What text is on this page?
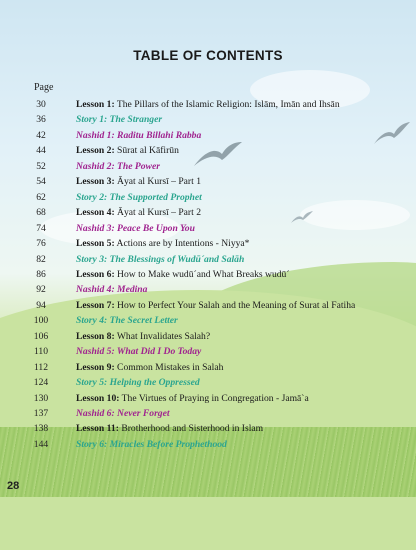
TABLE OF CONTENTS
Page
30	Lesson 1: The Pillars of the Islamic Religion: Islām, Imān and Ihsān
36	Story 1: The Stranger
42	Nashid 1: Raditu Billahi Rabba
44	Lesson 2: Sūrat al Kāfirūn
52	Nashid 2: The Power
54	Lesson 3: Āyat al Kursī – Part 1
62	Story 2: The Supported Prophet
68	Lesson 4: Āyat al Kursī – Part 2
74	Nashid 3: Peace Be Upon You
76	Lesson 5: Actions are by Intentions - Niyya*
82	Story 3: The Blessings of Wudū´and Salāh
86	Lesson 6: How to Make wudū´and What Breaks wudū´
92	Nashid 4: Medina
94	Lesson 7: How to Perfect Your Salah and the Meaning of Surat al Fatiha
100	Story 4: The Secret Letter
106	Lesson 8: What Invalidates Salah?
110	Nashid 5: What Did I Do Today
112	Lesson 9: Common Mistakes in Salah
124	Story 5: Helping the Oppressed
130	Lesson 10: The Virtues of Praying in Congregation - Jamā`a
137	Nashid 6: Never Forget
138	Lesson 11: Brotherhood and Sisterhood in Islam
144	Story 6: Miracles Before Prophethood
28
